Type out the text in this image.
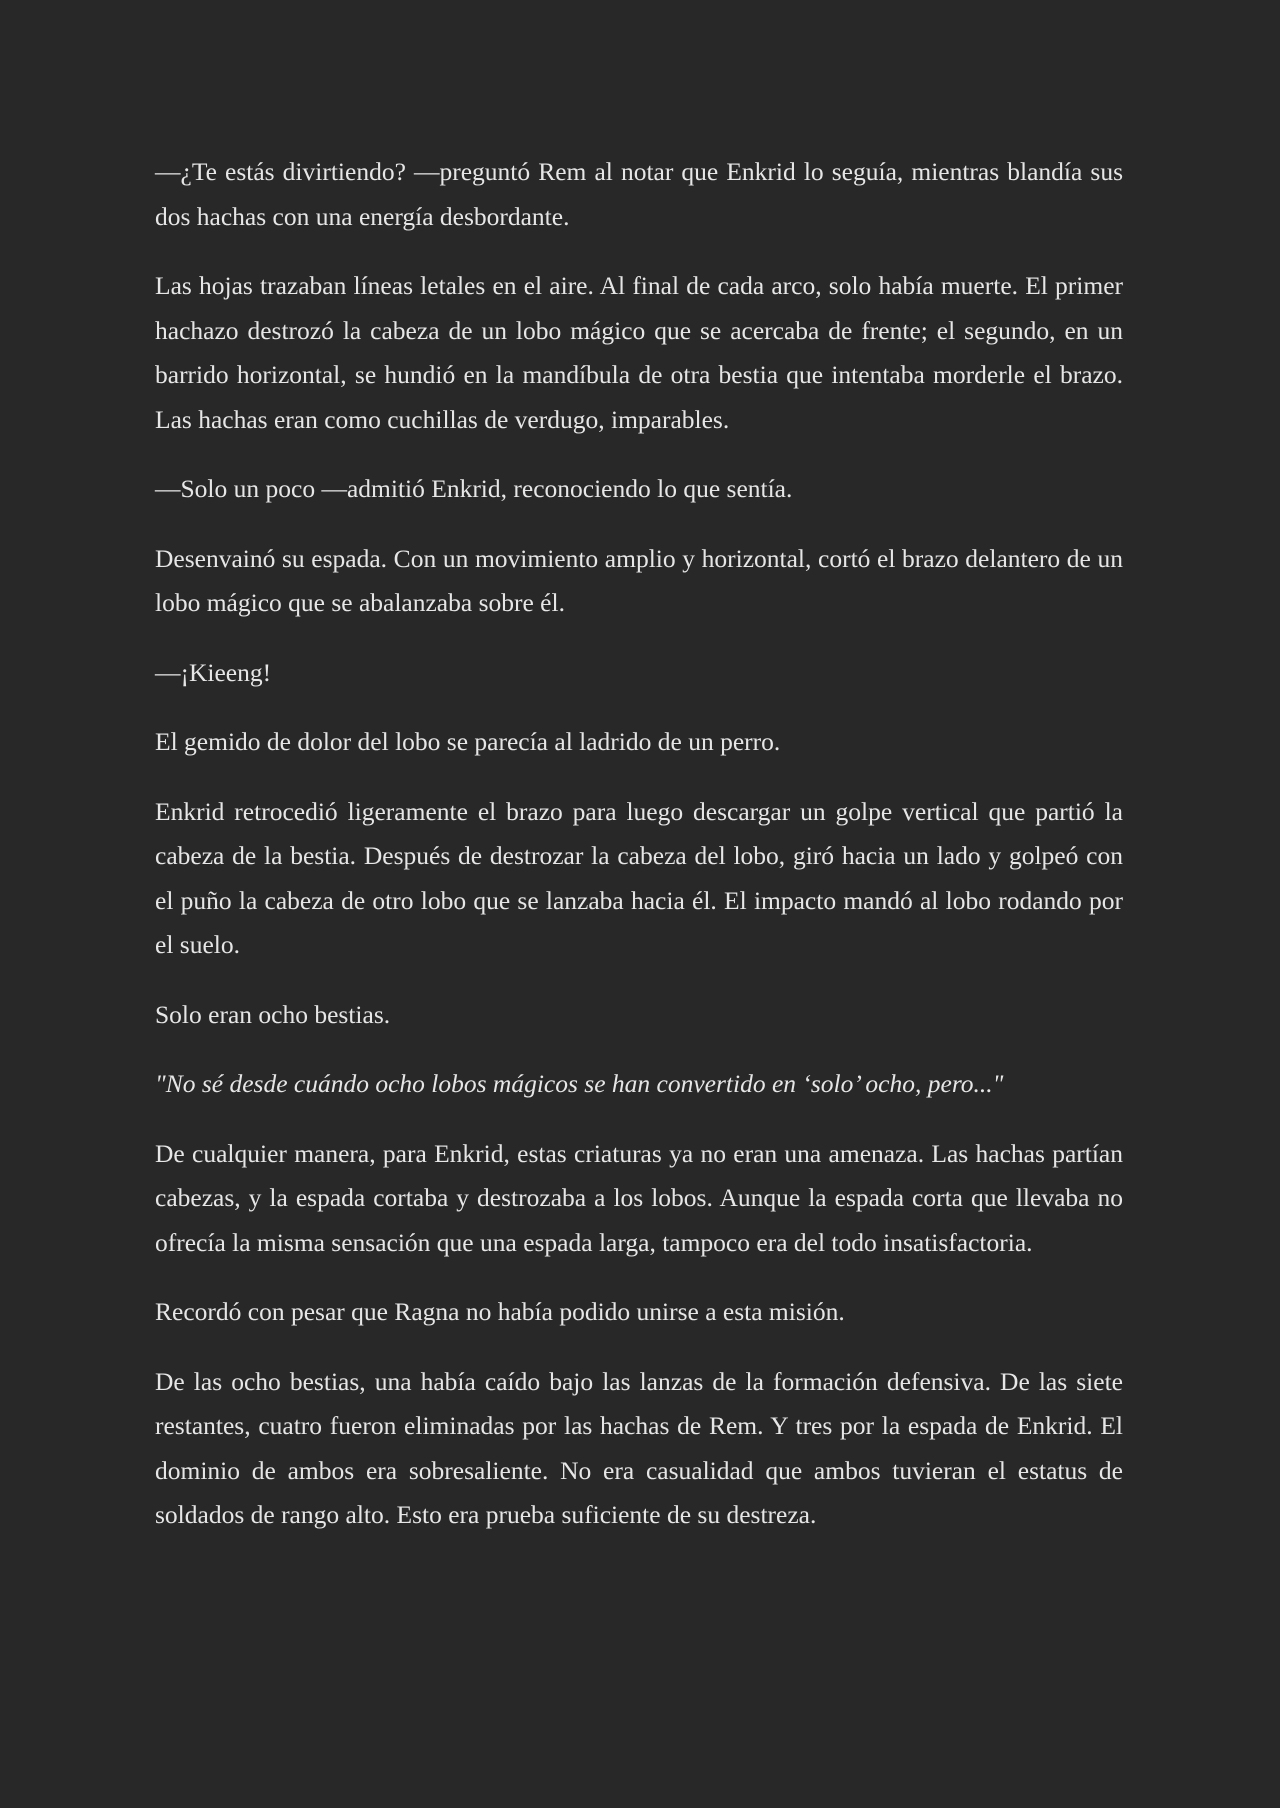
—¿Te estás divirtiendo? —preguntó Rem al notar que Enkrid lo seguía, mientras blandía sus dos hachas con una energía desbordante.

Las hojas trazaban líneas letales en el aire. Al final de cada arco, solo había muerte. El primer hachazo destrozó la cabeza de un lobo mágico que se acercaba de frente; el segundo, en un barrido horizontal, se hundió en la mandíbula de otra bestia que intentaba morderle el brazo. Las hachas eran como cuchillas de verdugo, imparables.

—Solo un poco —admitió Enkrid, reconociendo lo que sentía.

Desenvainó su espada. Con un movimiento amplio y horizontal, cortó el brazo delantero de un lobo mágico que se abalanzaba sobre él.

—¡Kieeng!

El gemido de dolor del lobo se parecía al ladrido de un perro.

Enkrid retrocedió ligeramente el brazo para luego descargar un golpe vertical que partió la cabeza de la bestia. Después de destrozar la cabeza del lobo, giró hacia un lado y golpeó con el puño la cabeza de otro lobo que se lanzaba hacia él. El impacto mandó al lobo rodando por el suelo.

Solo eran ocho bestias.

"No sé desde cuándo ocho lobos mágicos se han convertido en ‘solo’ ocho, pero..."

De cualquier manera, para Enkrid, estas criaturas ya no eran una amenaza. Las hachas partían cabezas, y la espada cortaba y destrozaba a los lobos. Aunque la espada corta que llevaba no ofrecía la misma sensación que una espada larga, tampoco era del todo insatisfactoria.

Recordó con pesar que Ragna no había podido unirse a esta misión.

De las ocho bestias, una había caído bajo las lanzas de la formación defensiva. De las siete restantes, cuatro fueron eliminadas por las hachas de Rem. Y tres por la espada de Enkrid. El dominio de ambos era sobresaliente. No era casualidad que ambos tuvieran el estatus de soldados de rango alto. Esto era prueba suficiente de su destreza.
